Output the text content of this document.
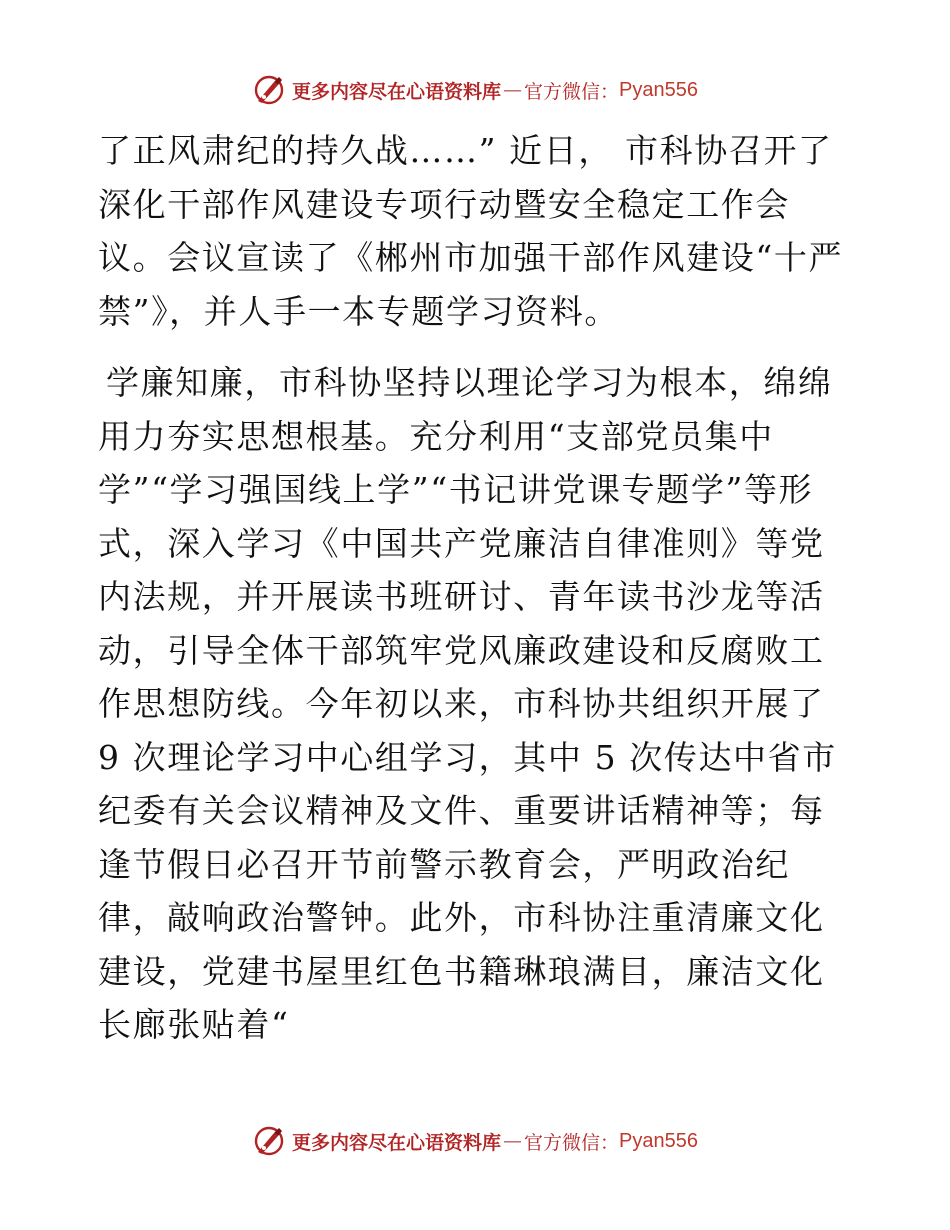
更多内容尽在心语资料库 — 官方微信： Pyan556

了正风肃纪的持久战……” 近日， 市科协召开了深化干部作风建设专项行动暨安全稳定工作会议。会议宣读了《郴州市加强干部作风建设“十严禁”》，并人手一本专题学习资料。

学廉知廉，市科协坚持以理论学习为根本，绵绵用力夯实思想根基。充分利用“支部党员集中学”“学习强国线上学”“书记讲党课专题学”等形式，深入学习《中国共产党廉洁自律准则》等党内法规，并开展读书班研讨、青年读书沙龙等活动，引导全体干部筑牢党风廉政建设和反腐败工作思想防线。今年初以来，市科协共组织开展了 9 次理论学习中心组学习，其中 5 次传达中省市纪委有关会议精神及文件、重要讲话精神等；每逢节假日必召开节前警示教育会，严明政治纪律，敲响政治警钟。此外，市科协注重清廉文化建设，党建书屋里红色书籍琳琅满目，廉洁文化长廊张贴着“

更多内容尽在心语资料库 — 官方微信： Pyan556
